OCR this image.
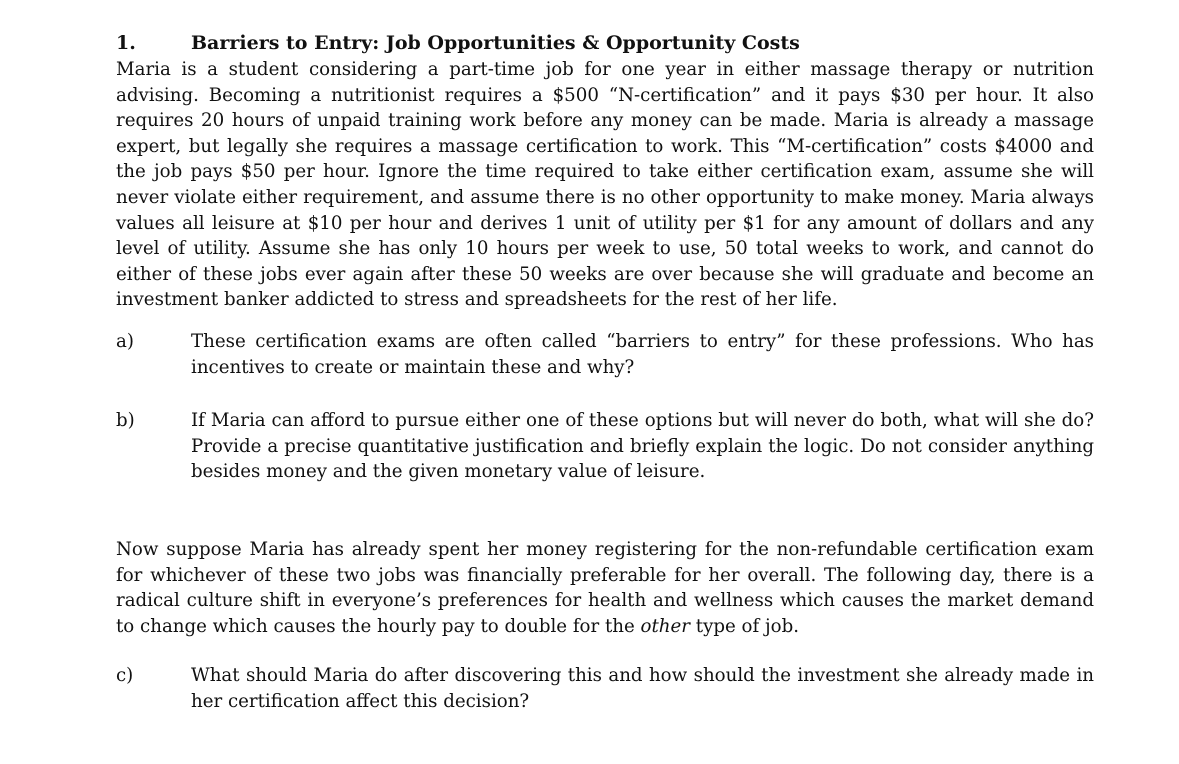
1.	Barriers to Entry: Job Opportunities & Opportunity Costs

Maria is a student considering a part-time job for one year in either massage therapy or nutrition advising. Becoming a nutritionist requires a $500 “N-certification” and it pays $30 per hour. It also requires 20 hours of unpaid training work before any money can be made. Maria is already a massage expert, but legally she requires a massage certification to work. This “M-certification” costs $4000 and the job pays $50 per hour. Ignore the time required to take either certification exam, assume she will never violate either requirement, and assume there is no other opportunity to make money. Maria always values all leisure at $10 per hour and derives 1 unit of utility per $1 for any amount of dollars and any level of utility. Assume she has only 10 hours per week to use, 50 total weeks to work, and cannot do either of these jobs ever again after these 50 weeks are over because she will graduate and become an investment banker addicted to stress and spreadsheets for the rest of her life.

a)	These certification exams are often called “barriers to entry” for these professions. Who has incentives to create or maintain these and why?
b)	If Maria can afford to pursue either one of these options but will never do both, what will she do? Provide a precise quantitative justification and briefly explain the logic. Do not consider anything besides money and the given monetary value of leisure.

Now suppose Maria has already spent her money registering for the non-refundable certification exam for whichever of these two jobs was financially preferable for her overall. The following day, there is a radical culture shift in everyone’s preferences for health and wellness which causes the market demand to change which causes the hourly pay to double for the other type of job.

c)	What should Maria do after discovering this and how should the investment she already made in her certification affect this decision?
